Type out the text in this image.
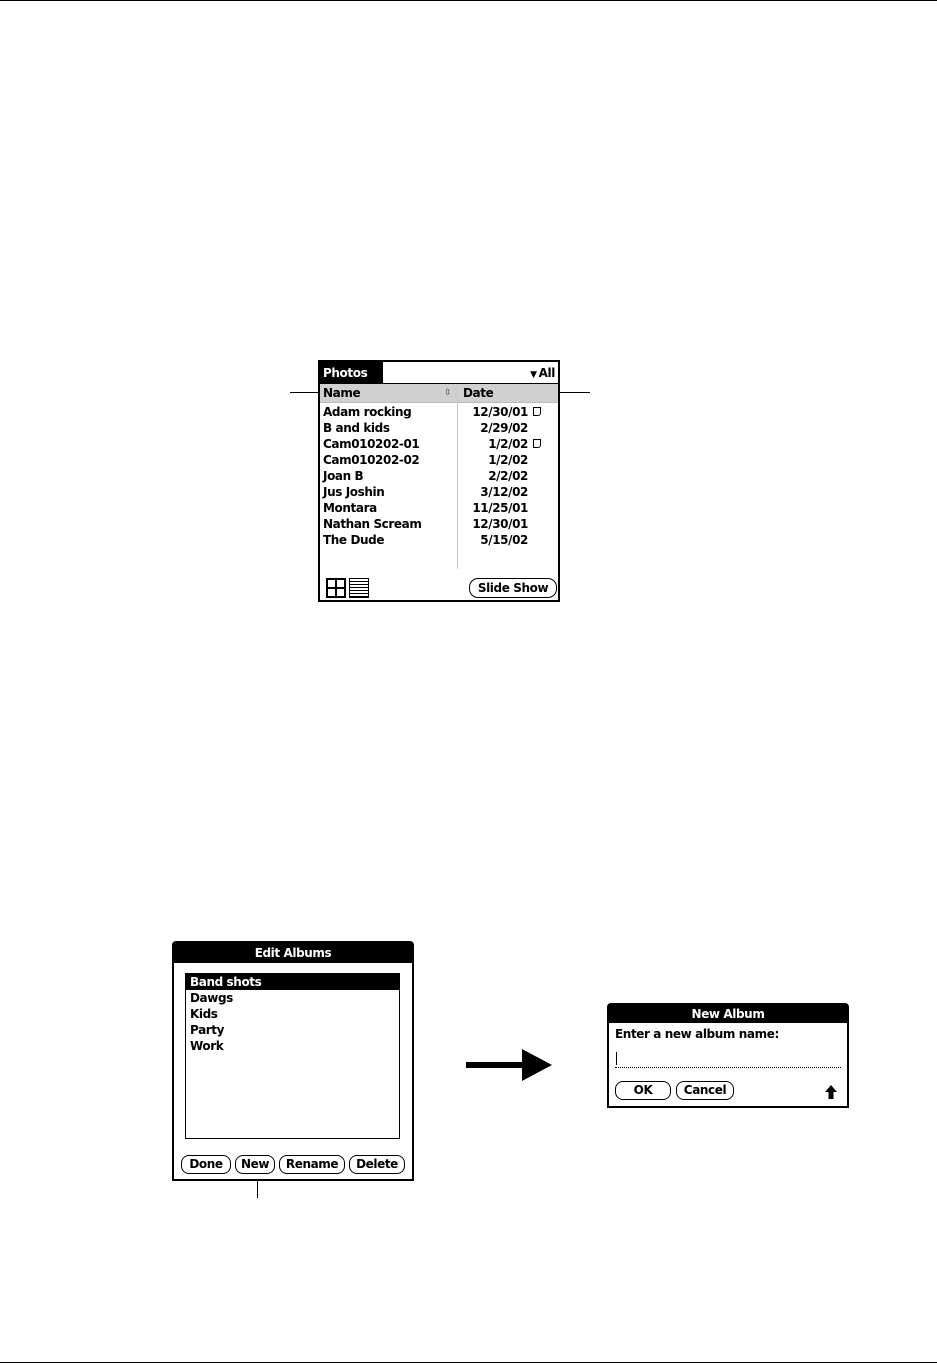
Photos	▼ All
Name	⇳ Date
Adam rocking	12/30/01
B and kids	2/29/02
Cam010202-01	1/2/02
Cam010202-02	1/2/02
Joan B	2/2/02
Jus Joshin	3/12/02
Montara	11/25/01
Nathan Scream	12/30/01
The Dude	5/15/02
Slide Show
Edit Albums
Band shots
Dawgs
Kids
Party
Work
Done	New	Rename	Delete
New Album
Enter a new album name:
OK	Cancel
